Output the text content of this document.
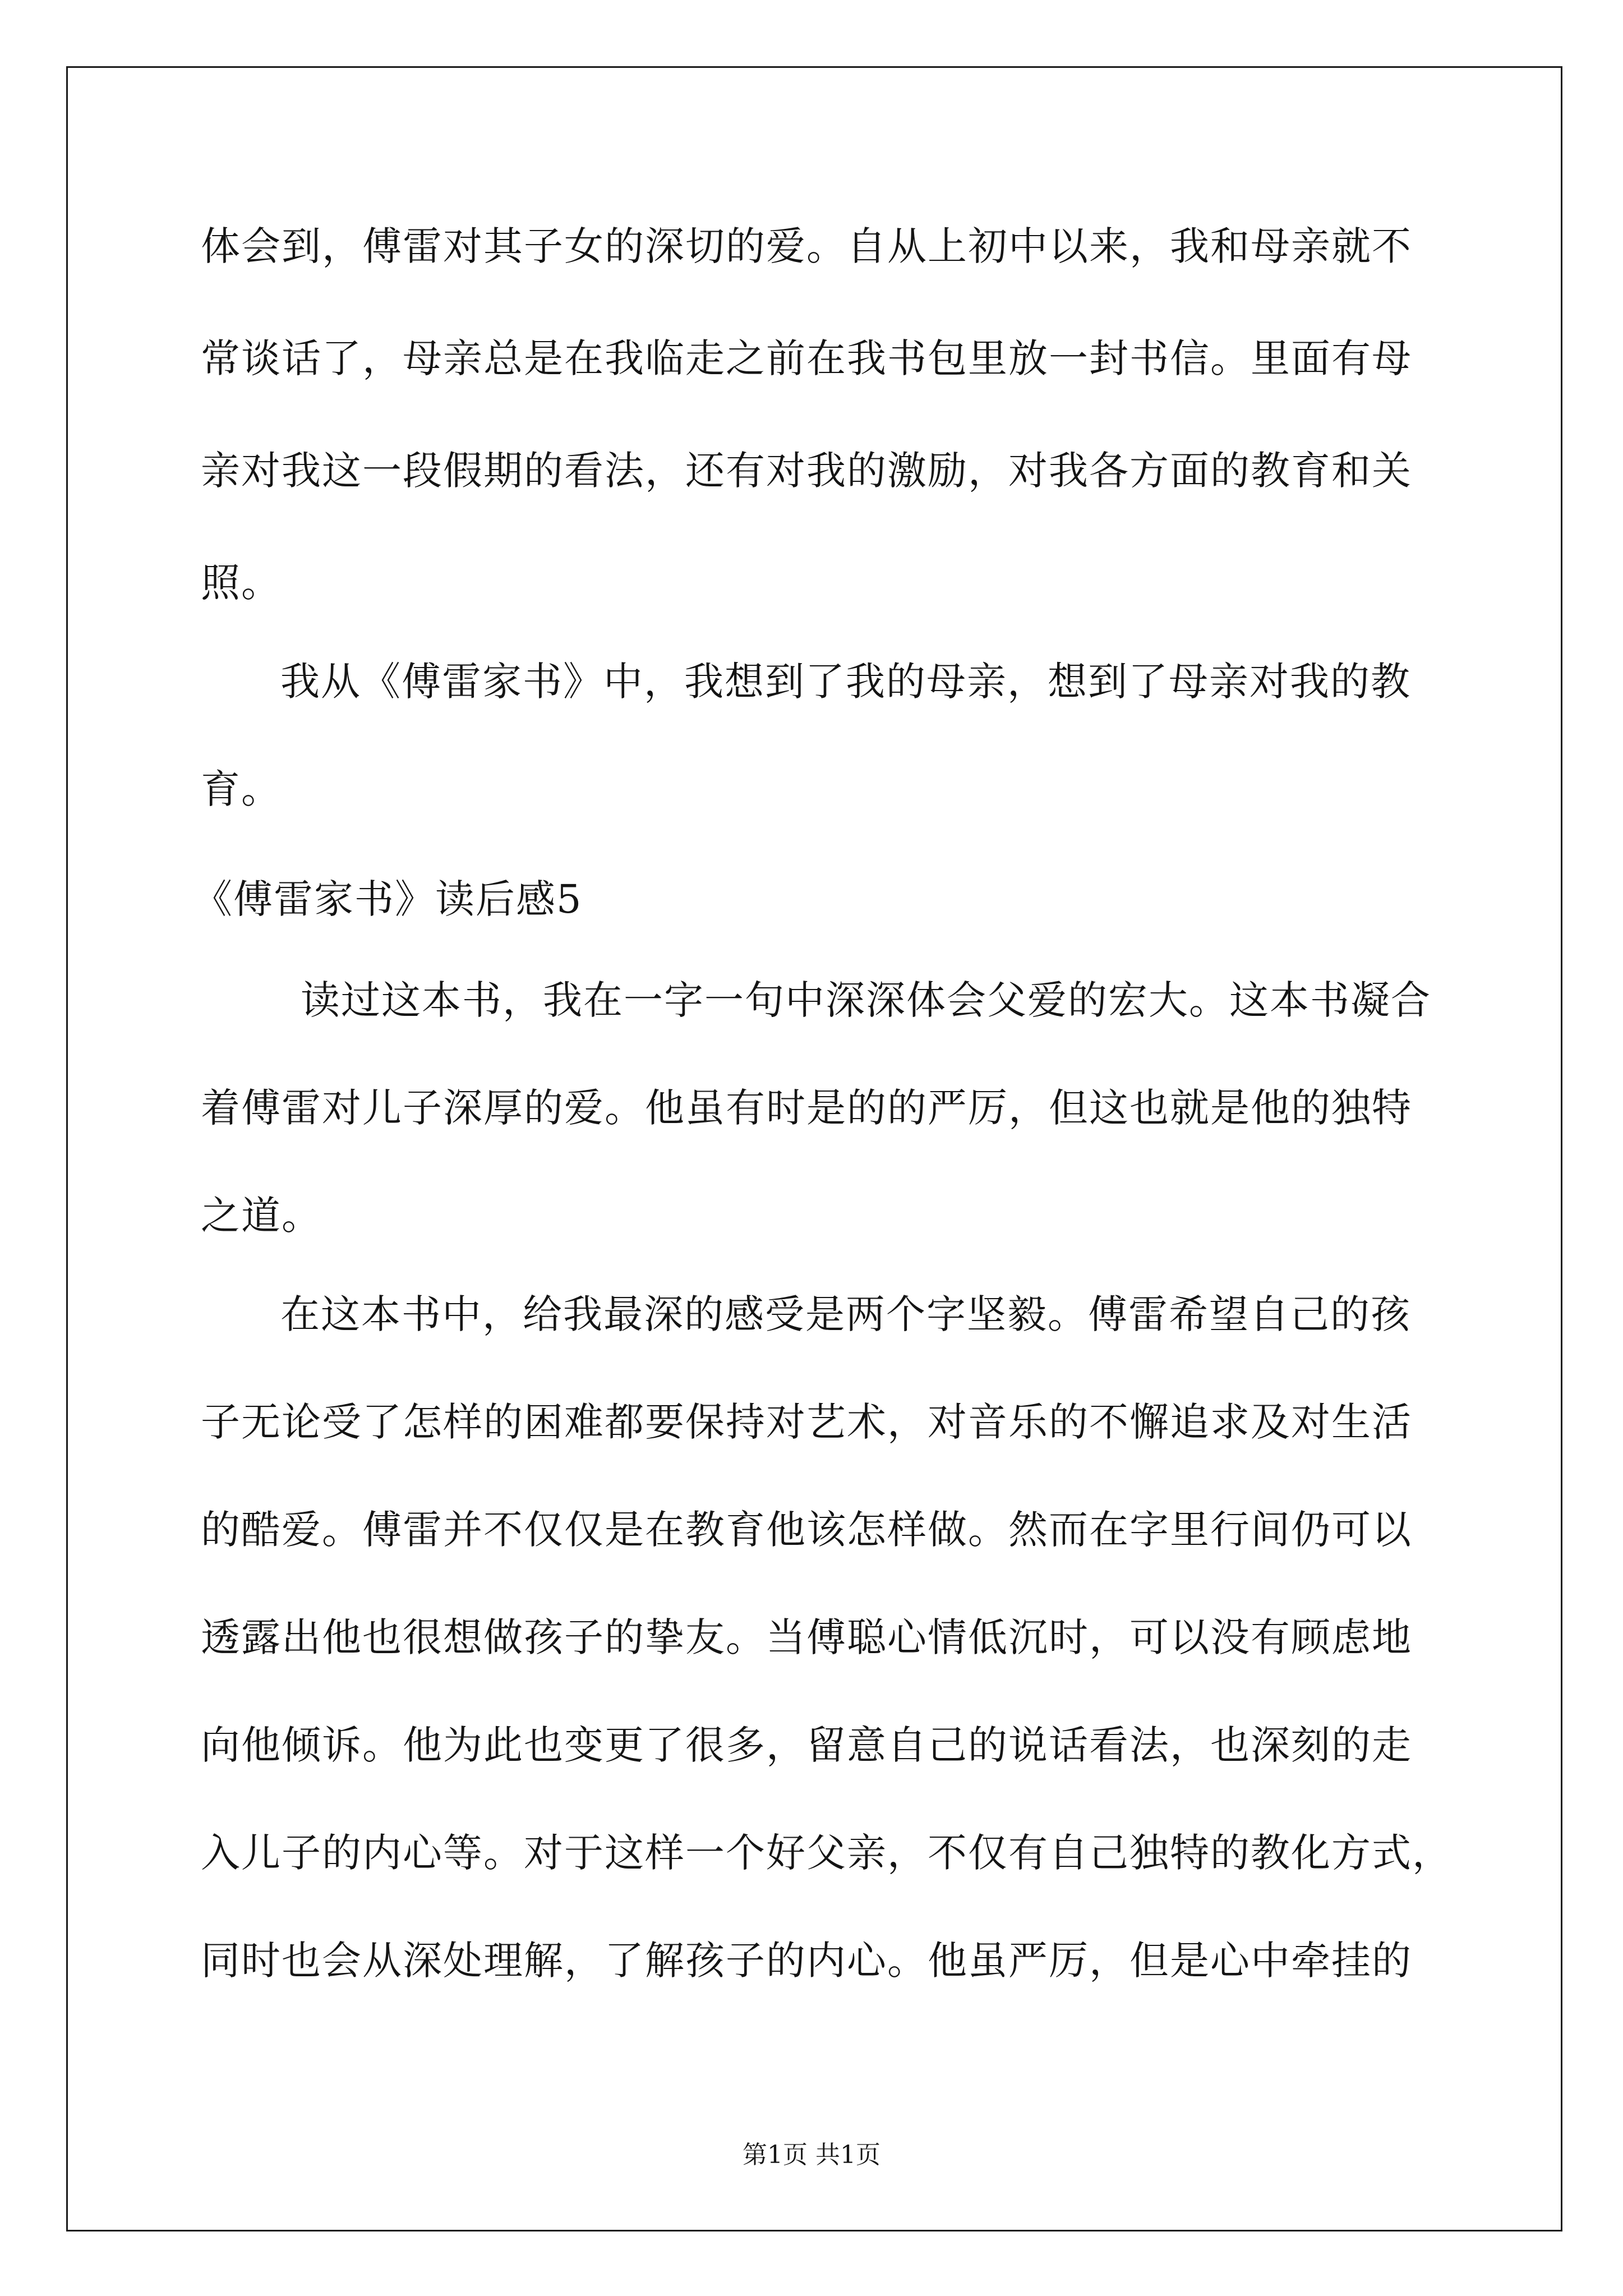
体会到，傅雷对其子女的深切的爱。自从上初中以来，我和母亲就不
常谈话了，母亲总是在我临走之前在我书包里放一封书信。里面有母
亲对我这一段假期的看法，还有对我的激励，对我各方面的教育和关
照。
我从《傅雷家书》中，我想到了我的母亲，想到了母亲对我的教
育。
《傅雷家书》读后感5
读过这本书，我在一字一句中深深体会父爱的宏大。这本书凝合
着傅雷对儿子深厚的爱。他虽有时是的的严厉，但这也就是他的独特
之道。
在这本书中，给我最深的感受是两个字坚毅。傅雷希望自己的孩
子无论受了怎样的困难都要保持对艺术，对音乐的不懈追求及对生活
的酷爱。傅雷并不仅仅是在教育他该怎样做。然而在字里行间仍可以
透露出他也很想做孩子的挚友。当傅聪心情低沉时，可以没有顾虑地
向他倾诉。他为此也变更了很多，留意自己的说话看法，也深刻的走
入儿子的内心等。对于这样一个好父亲，不仅有自己独特的教化方式，
同时也会从深处理解，了解孩子的内心。他虽严厉，但是心中牵挂的
第1页 共1页
